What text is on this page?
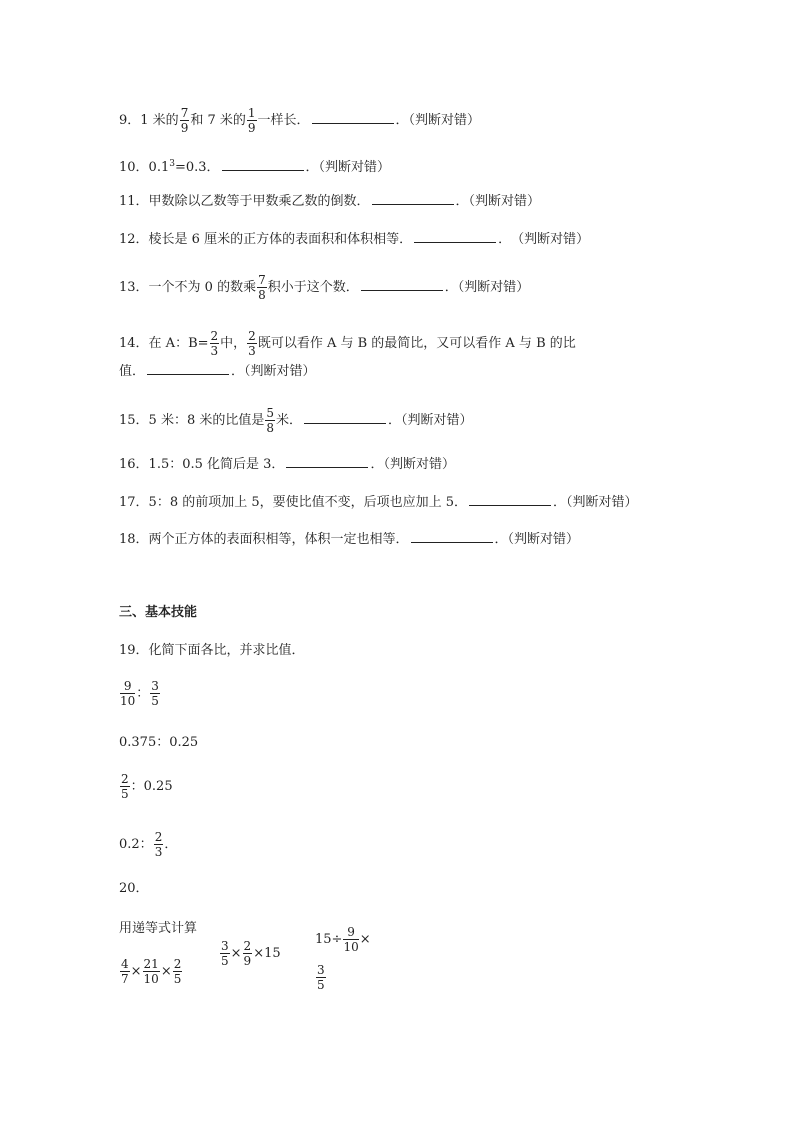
9．1 米的 $\frac{7}{9}$ 和 7 米的 $\frac{1}{9}$ 一样长．	．（判断对错）
10．$0.1^3=0.3$．	．（判断对错）
11．甲数除以乙数等于甲数乘乙数的倒数．	．（判断对错）
12．棱长是 6 厘米的正方体的表面积和体积相等．	．　（判断对错）
13．一个不为 0 的数乘 $\frac{7}{8}$ 积小于这个数．	．（判断对错）
14．在 A：$B= \frac{2}{3}$ 中， $\frac{2}{3}$ 既可以看作 A 与 B 的最简比，又可以看作 A 与 B 的比
值．	．（判断对错）
15．5 米：8 米的比值是 $\frac{5}{8}$ 米．	．（判断对错）
16．1.5：0.5 化简后是 3．	．（判断对错）
17．5：8 的前项加上 5，要使比值不变，后项也应加上 5．	．（判断对错）
18．两个正方体的表面积相等，体积一定也相等．	．（判断对错）
三、基本技能
19．化简下面各比，并求比值．
$\frac{9}{10}$ ： $\frac{3}{5}$
0.375：0.25
$\frac{2}{5}$ ：0.25
0.2： $\frac{2}{3}$ ．
20．
用递等式计算
$\frac{4}{7} \times \frac{21}{10} \times \frac{2}{5}$
$\frac{3}{5} \times \frac{2}{9} \times 15$
$15\div \frac{9}{10}$ ×
$\frac{3}{5}$
